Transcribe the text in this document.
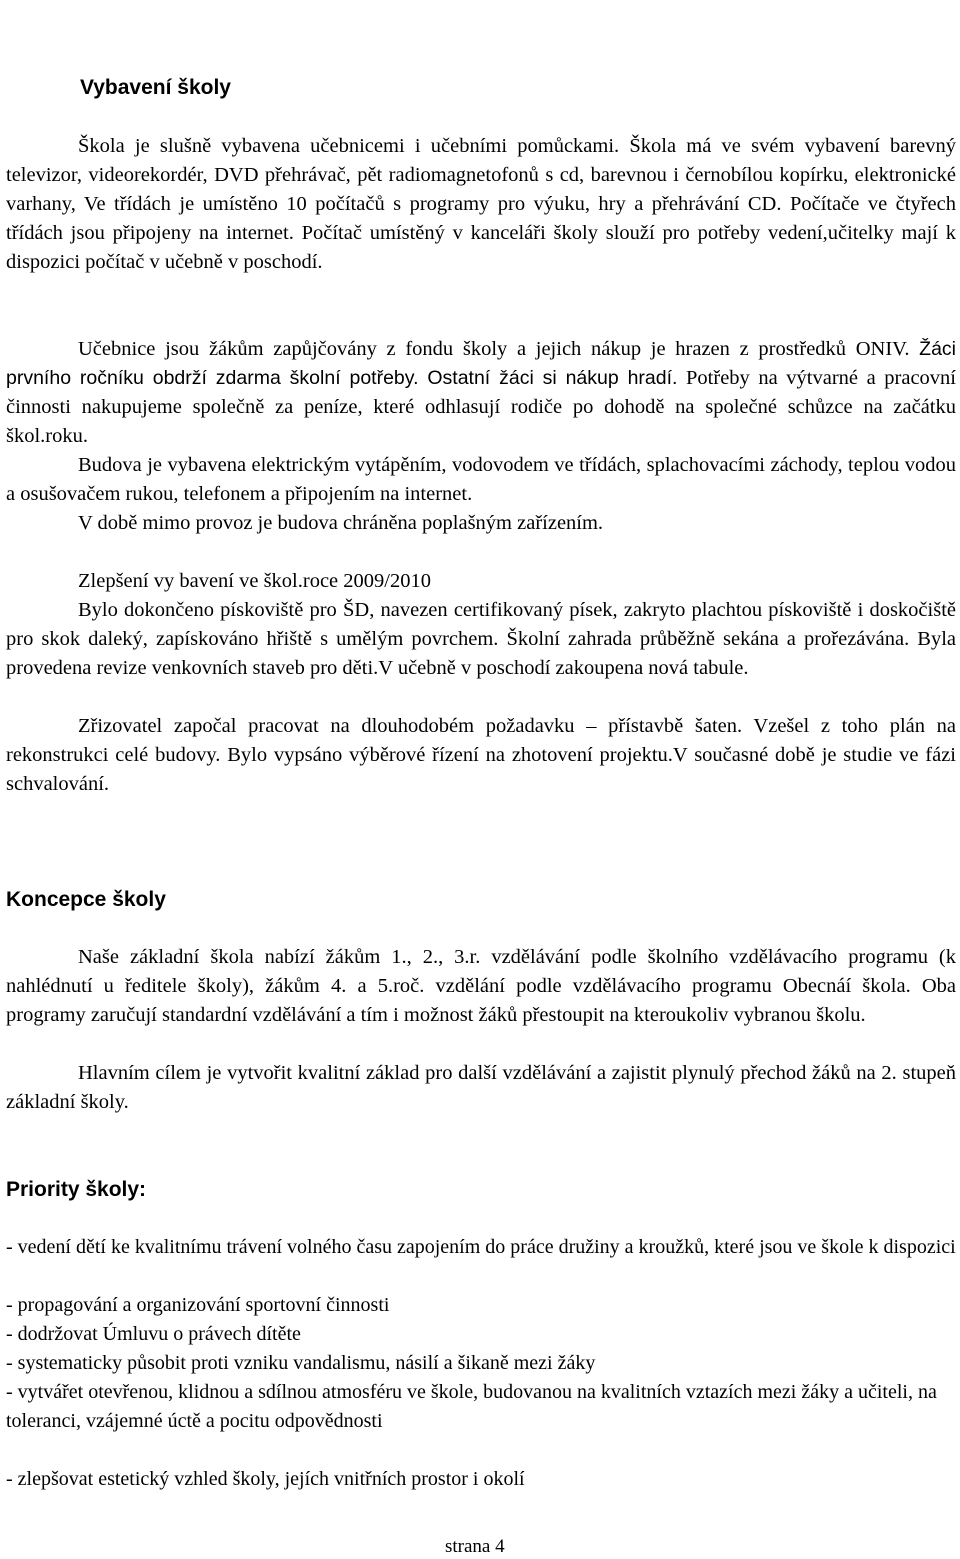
Vybavení školy
Škola je slušně vybavena učebnicemi i učebními pomůckami. Škola má ve svém vybavení barevný televizor, videorekordér, DVD přehrávač, pět radiomagnetofonů s cd, barevnou i černobílou kopírku, elektronické varhany, Ve třídách je umístěno 10 počítačů s programy pro výuku, hry a přehrávání CD. Počítače ve čtyřech třídách jsou připojeny na internet. Počítač umístěný v kanceláři školy slouží pro potřeby vedení,učitelky mají k dispozici počítač v učebně v poschodí.
Učebnice jsou žákům zapůjčovány z fondu školy a jejich nákup je hrazen z prostředků ONIV. Žáci prvního ročníku obdrží zdarma školní potřeby. Ostatní žáci si nákup hradí. Potřeby na výtvarné a pracovní činnosti nakupujeme společně za peníze, které odhlasují rodiče po dohodě na společné schůzce na začátku škol.roku.
Budova je vybavena elektrickým vytápěním, vodovodem ve třídách, splachovacími záchody, teplou vodou a osušovačem rukou, telefonem a připojením na internet.
V době mimo provoz je budova chráněna poplašným zařízením.
Zlepšení vy bavení ve škol.roce 2009/2010
Bylo dokončeno pískoviště pro ŠD, navezen certifikovaný písek, zakryto plachtou pískoviště i doskočiště pro skok daleký, zapískováno hřiště s umělým povrchem. Školní zahrada průběžně sekána a prořezávána. Byla provedena revize venkovních staveb pro děti.V učebně v poschodí zakoupena nová tabule.
Zřizovatel započal pracovat na dlouhodobém požadavku – přístavbě šaten. Vzešel z toho plán na rekonstrukci celé budovy. Bylo vypsáno výběrové řízení na zhotovení projektu.V současné době je studie ve fázi schvalování.
Koncepce školy
Naše základní škola nabízí žákům 1., 2., 3.r. vzdělávání podle školního vzdělávacího programu (k nahlédnutí u ředitele školy), žákům 4. a 5.roč. vzdělání podle vzdělávacího programu Obecnáí škola. Oba programy zaručují standardní vzdělávání a tím i možnost žáků přestoupit na kteroukoliv vybranou školu.
Hlavním cílem je vytvořit kvalitní základ pro další vzdělávání a zajistit plynulý přechod žáků na 2. stupeň základní školy.
Priority školy:
- vedení dětí ke kvalitnímu trávení volného času zapojením do práce družiny a kroužků, které jsou ve škole k dispozici
- propagování a organizování sportovní činnosti
- dodržovat Úmluvu o právech dítěte
- systematicky působit proti vzniku vandalismu, násilí a šikaně mezi žáky
- vytvářet otevřenou, klidnou a sdílnou atmosféru ve škole, budovanou na kvalitních vztazích mezi žáky a učiteli, na toleranci, vzájemné úctě a pocitu odpovědnosti
- zlepšovat estetický vzhled školy, jejích vnitřních prostor i okolí
strana 4
